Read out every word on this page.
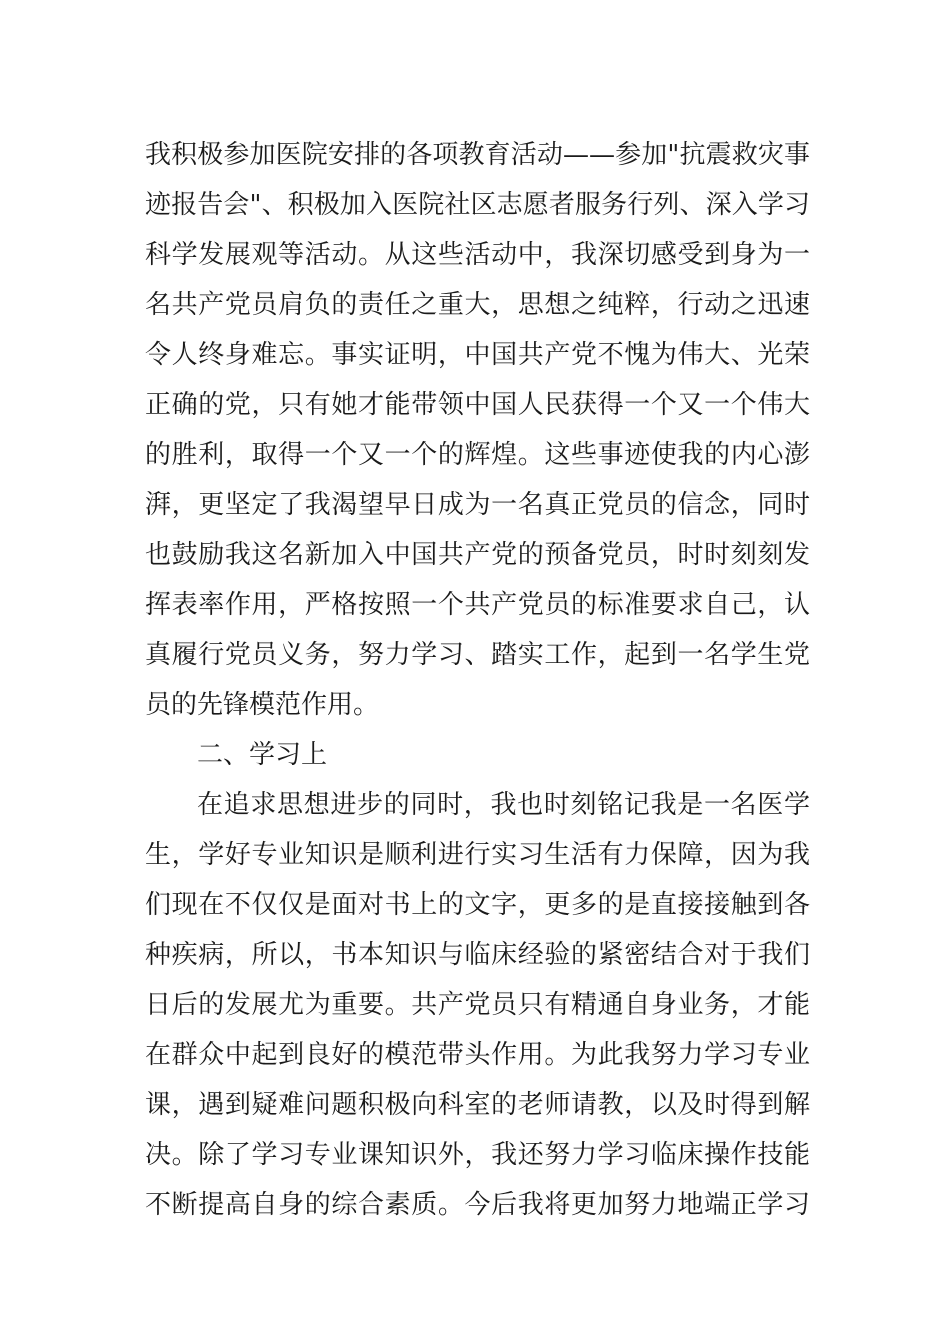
我积极参加医院安排的各项教育活动——参加"抗震救灾事
迹报告会"、积极加入医院社区志愿者服务行列、深入学习
科学发展观等活动。从这些活动中，我深切感受到身为一
名共产党员肩负的责任之重大，思想之纯粹，行动之迅速
令人终身难忘。事实证明，中国共产党不愧为伟大、光荣
正确的党，只有她才能带领中国人民获得一个又一个伟大
的胜利，取得一个又一个的辉煌。这些事迹使我的内心澎
湃，更坚定了我渴望早日成为一名真正党员的信念，同时
也鼓励我这名新加入中国共产党的预备党员，时时刻刻发
挥表率作用，严格按照一个共产党员的标准要求自己，认
真履行党员义务，努力学习、踏实工作，起到一名学生党
员的先锋模范作用。
二、学习上
在追求思想进步的同时，我也时刻铭记我是一名医学
生，学好专业知识是顺利进行实习生活有力保障，因为我
们现在不仅仅是面对书上的文字，更多的是直接接触到各
种疾病，所以，书本知识与临床经验的紧密结合对于我们
日后的发展尤为重要。共产党员只有精通自身业务，才能
在群众中起到良好的模范带头作用。为此我努力学习专业
课，遇到疑难问题积极向科室的老师请教，以及时得到解
决。除了学习专业课知识外，我还努力学习临床操作技能
不断提高自身的综合素质。今后我将更加努力地端正学习
